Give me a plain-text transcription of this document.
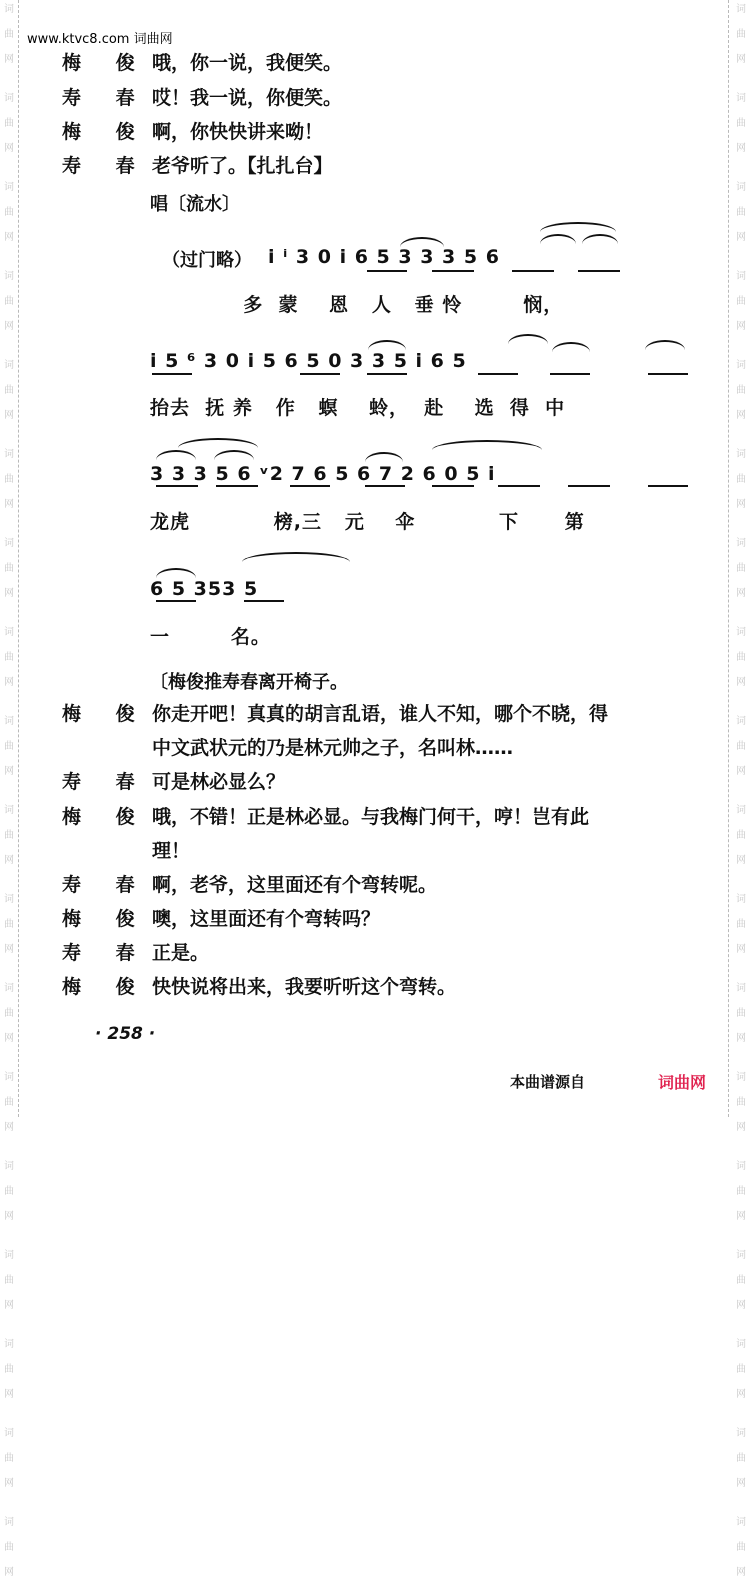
词
曲
网
词
曲
网
词
曲
网
词
曲
网
词
曲
网
词
曲
网
词
曲
网
词
曲
网
词
曲
网
词
曲
网
词
曲
网
词
曲
网
词
曲
网
词
曲
网
词
曲
网
词
曲
网
词
曲
网
词
曲
网
词
曲
网
词
曲
网
词
曲
网
词
曲
网
词
曲
网
词
曲
网
词
曲
网
词
曲
网
词
曲
网
词
曲
网
词
曲
网
词
曲
网
词
曲
网
词
曲
网
词
曲
网
词
曲
网
词
曲
网
词
曲
网
www.ktvc8.com 词曲网
梅 俊 哦，你一说，我便笑。
寿 春 哎！我一说，你便笑。
梅 俊 啊，你快快讲来呦！
寿 春 老爷听了。【扎扎台】
唱〔流水〕
（过门略） i ⁱ 3 0 i 6 5 3 3 3 5 6
多  蒙    恩   人   垂 怜        悯，
i 5 ⁶ 3 0 i 5 6 5 0 3 3 5 i 6 5
抬去  抚 养   作   螟    蛉，  赴    选  得  中
3 3 3 5 6 ᵛ2 7 6 5 6 7 2 6 0 5 i
龙虎           榜,三   元    伞           下      第
6 5 353 5
一        名。
〔梅俊推寿春离开椅子。
梅 俊 你走开吧！真真的胡言乱语，谁人不知，哪个不晓，得
中文武状元的乃是林元帅之子，名叫林……
寿 春 可是林必显么？
梅 俊 哦，不错！正是林必显。与我梅门何干，哼！岂有此
理！
寿 春 啊，老爷，这里面还有个弯转呢。
梅 俊 噢，这里面还有个弯转吗？
寿 春 正是。
梅 俊 快快说将出来，我要听听这个弯转。
· 258 ·
本曲谱源自	词曲网
